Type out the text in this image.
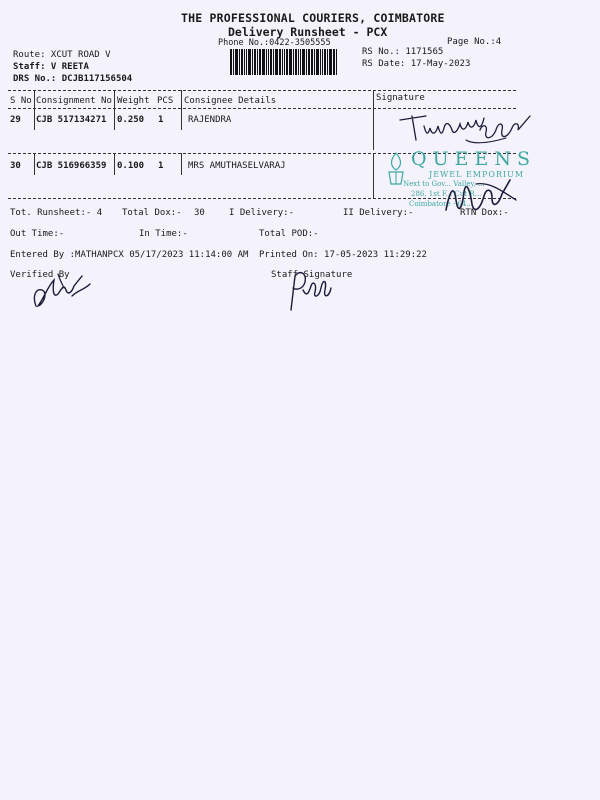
THE PROFESSIONAL COURIERS, COIMBATORE
Delivery Runsheet - PCX
Phone No.:0422-3505555	Page No.:4
Route: XCUT ROAD V
Staff: V REETA
DRS No.: DCJB117156504
RS No.: 1171565
RS Date: 17-May-2023
S No Consignment No Weight PCS Consignee Details	Signature
29 CJB 517134271 0.250 1	RAJENDRA
30 CJB 516966359 0.100 1	MRS AMUTHASELVARAJ
Tot. Runsheet:- 4 Total Dox:- 30	I Delivery:-	II Delivery:-	RTN Dox:-
Out Time:-	In Time:-	Total POD:-
Entered By :MATHANPCX 05/17/2023 11:14:00 AM Printed On: 17-05-2023 11:29:22
Verified By	Staff Signature
QUEENS
JEWEL EMPORIUM
Next to Gov... Valley, ...
286, 1st F... Cut R...
Coimbatore - 64...
